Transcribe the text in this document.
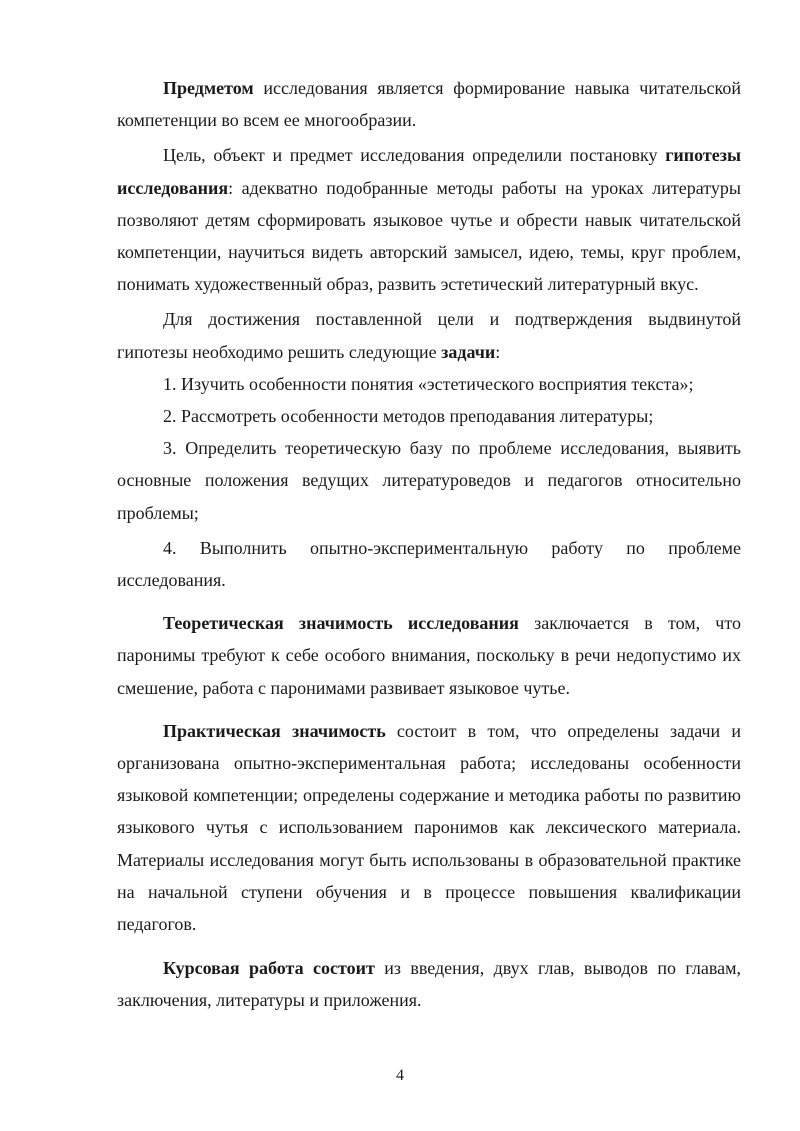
Предметом исследования является формирование навыка читательской компетенции во всем ее многообразии.

Цель, объект и предмет исследования определили постановку гипотезы исследования: адекватно подобранные методы работы на уроках литературы позволяют детям сформировать языковое чутье и обрести навык читательской компетенции, научиться видеть авторский замысел, идею, темы, круг проблем, понимать художественный образ, развить эстетический литературный вкус.

Для достижения поставленной цели и подтверждения выдвинутой гипотезы необходимо решить следующие задачи:

1. Изучить особенности понятия «эстетического восприятия текста»;

2. Рассмотреть особенности методов преподавания литературы;

3. Определить теоретическую базу по проблеме исследования, выявить основные положения ведущих литературоведов и педагогов относительно проблемы;

4. Выполнить опытно-экспериментальную работу по проблеме исследования.

Теоретическая значимость исследования заключается в том, что паронимы требуют к себе особого внимания, поскольку в речи недопустимо их смешение, работа с паронимами развивает языковое чутье.

Практическая значимость состоит в том, что определены задачи и организована опытно-экспериментальная работа; исследованы особенности языковой компетенции; определены содержание и методика работы по развитию языкового чутья с использованием паронимов как лексического материала. Материалы исследования могут быть использованы в образовательной практике на начальной ступени обучения и в процессе повышения квалификации педагогов.

Курсовая работа состоит из введения, двух глав, выводов по главам, заключения, литературы и приложения.

4
